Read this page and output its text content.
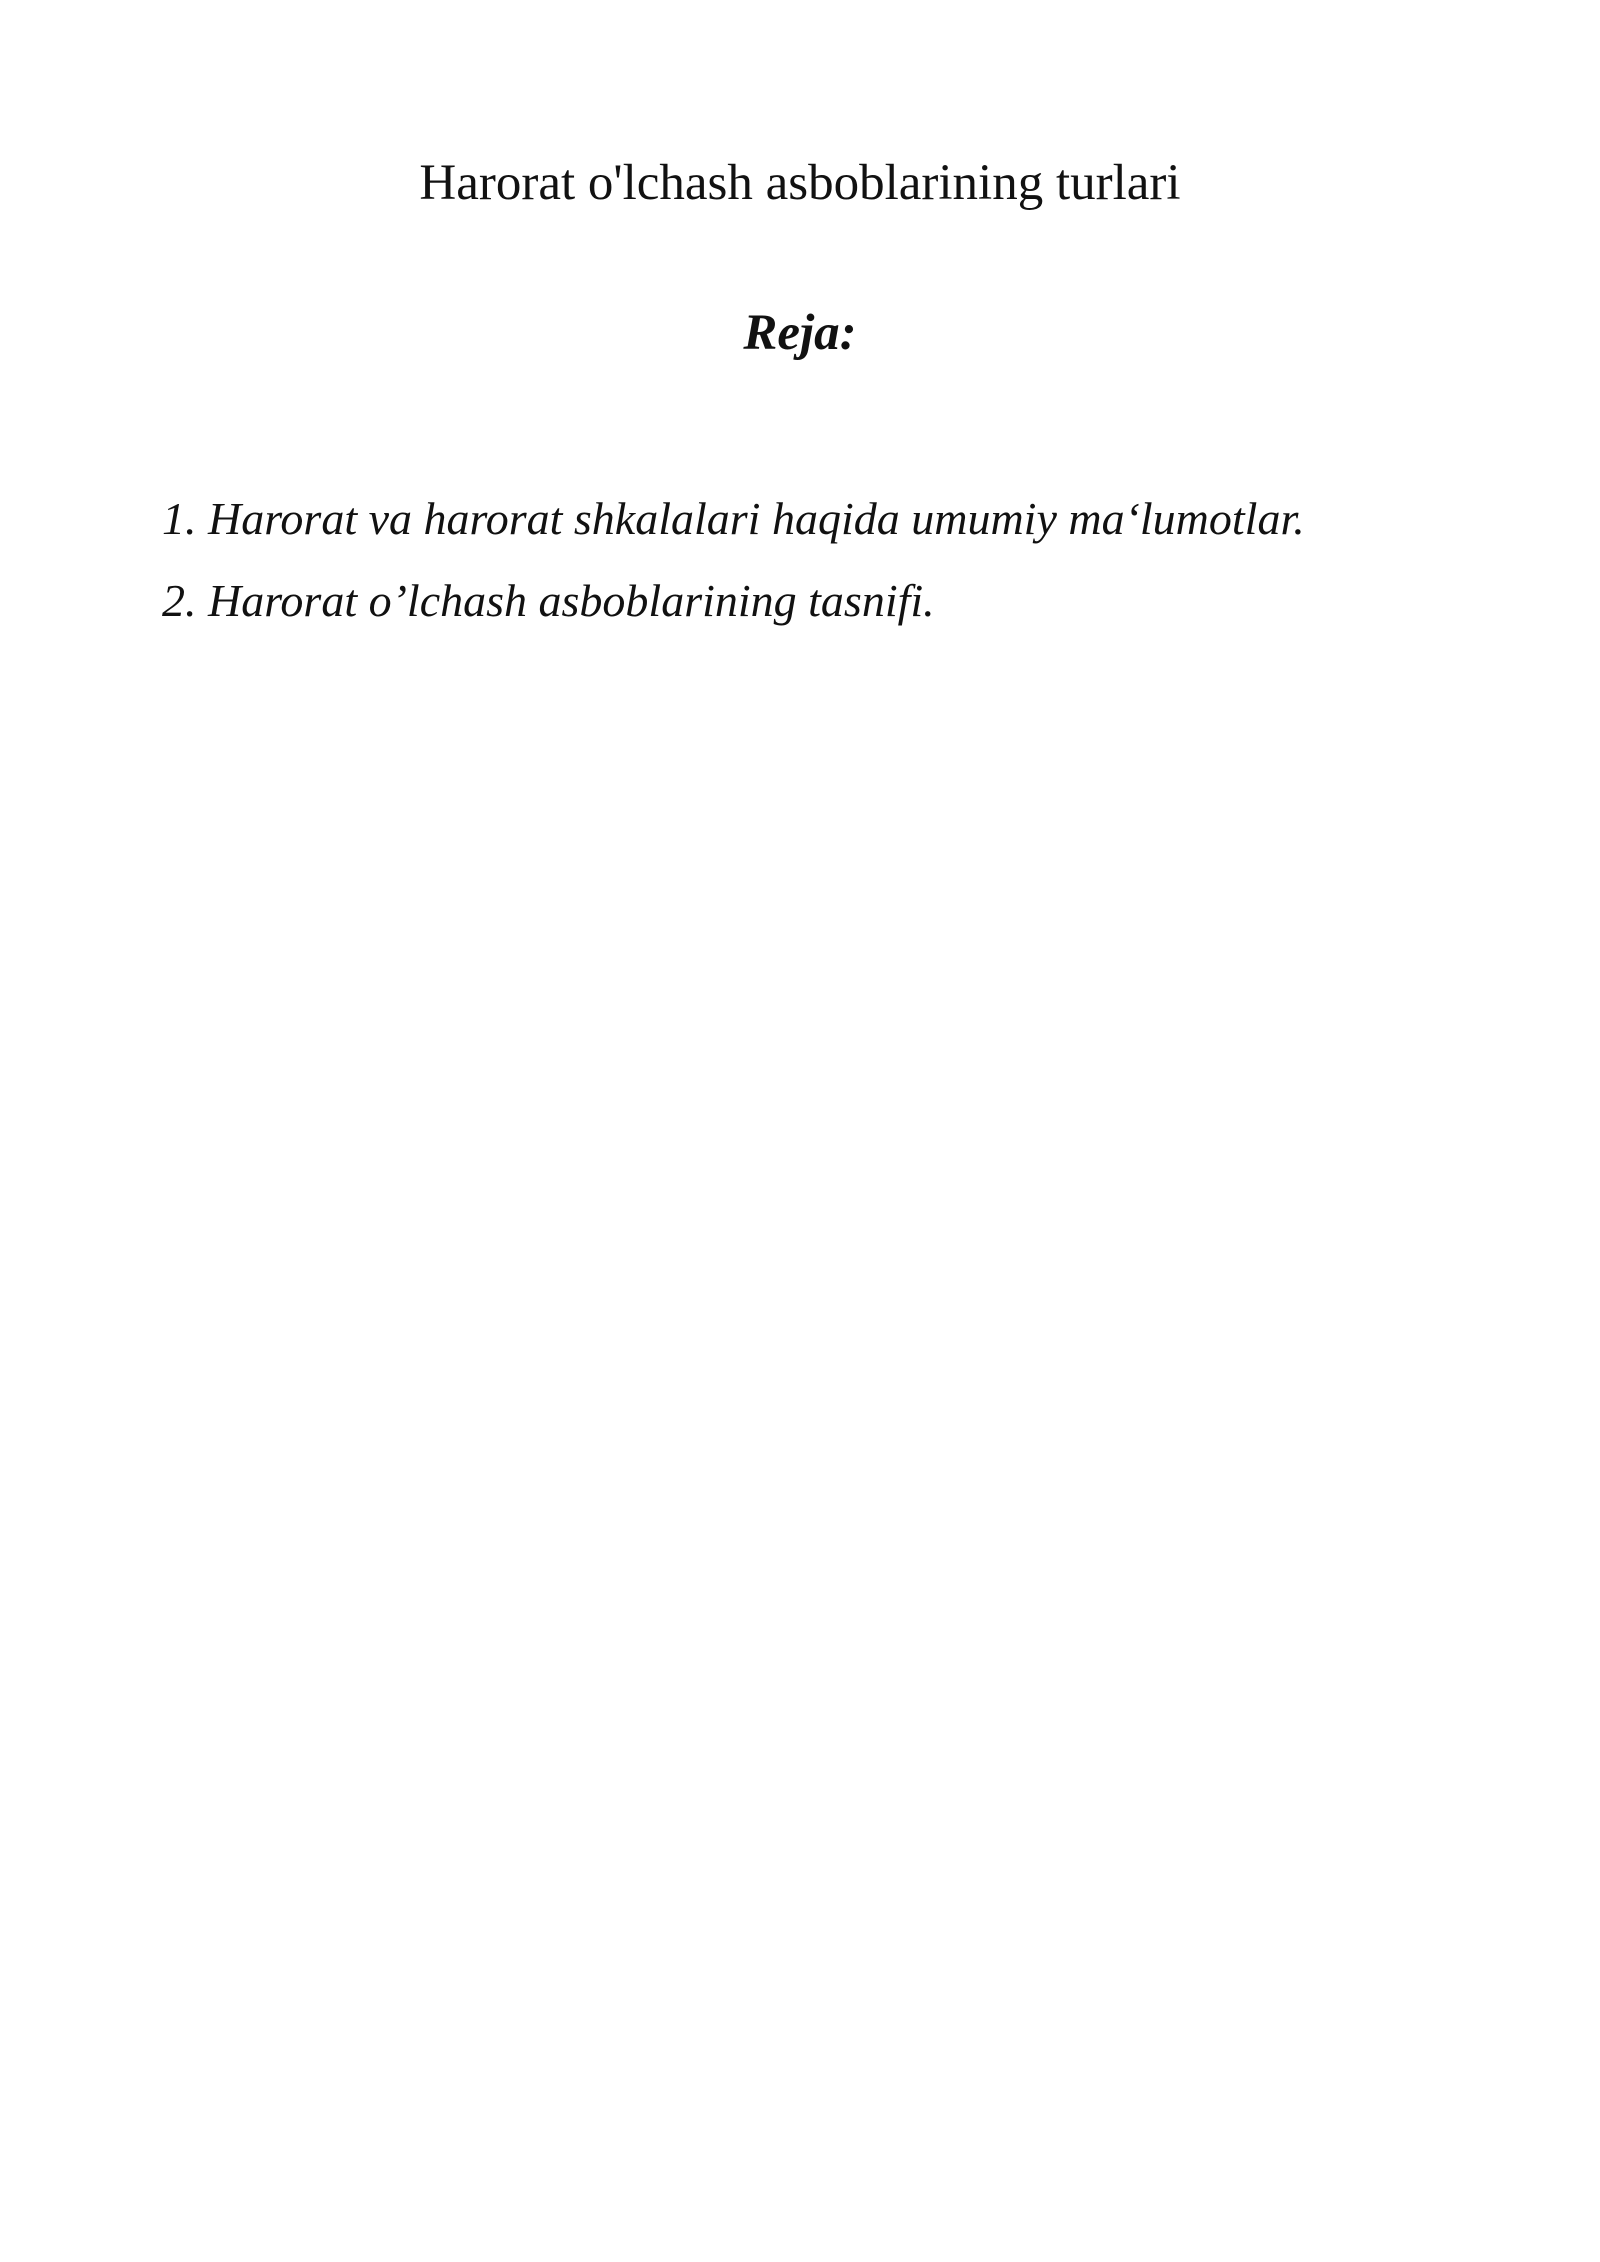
Harorat o'lchash asboblarining turlari
Reja:
1. Harorat va harorat shkalalari haqida umumiy ma‘lumotlar.
2. Harorat o’lchash asboblarining tasnifi.
